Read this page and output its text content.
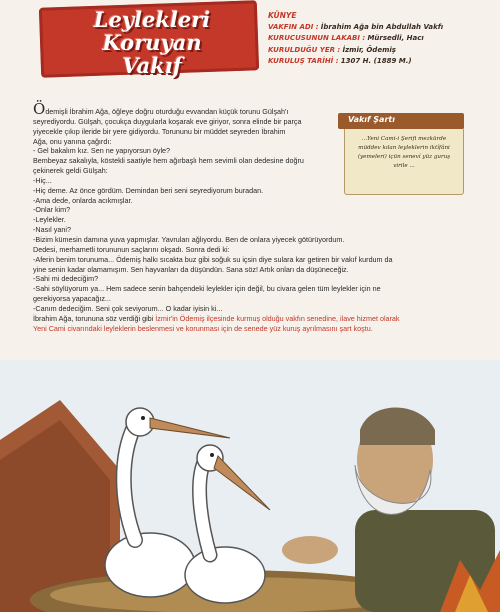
Leylekleri Koruyan
Vakıf
KÜNYE
VAKFIN ADI : İbrahim Ağa bin Abdullah Vakfı
KURUCUSUNUN LAKABI : Mürsedli, Hacı
KURULDUĞU YER : İzmir, Ödemiş
KURULUŞ TARİHİ : 1307 H. (1889 M.)
Vakıf Şartı
...Yeni Cami-i Şerifi mezkürde müddev kılan leyleklerin iktîfâni (yemeleri) içün seneví yüz guruş virile ...

Ödemişli İbrahim Ağa, öğleye doğru oturduğu evvandan küçük torunu Gülşah'ı

seyrediyordu. Gülşah, çocukça duygularla koşarak eve giriyor, sonra elinde bir parça

yiyecekle çıkıp ileride bir yere gidiyordu. Torununu bir müddet seyreden İbrahim

Ağa, onu yanına çağırdı:

- Gel bakalım kız. Sen ne yapıyorsun öyle?

Bembeyaz sakalıyla, köstekli saatiyle hem ağırbaşlı hem sevimli olan dedesine doğru

çekinerek geldi Gülşah:

-Hiç...

-Hiç deme. Az önce gördüm. Demindan beri seni seyrediyorum buradan.

-Ama dede, onlarda acıkmışlar.

-Onlar kim?

-Leylekler.

-Nasıl yani?

-Bizim kümesin damına yuva yapmışlar. Yavruları ağlıyordu. Ben de onlara yiyecek götürüyordum.

Dedesi, merhametli torununun saçlarını okşadı. Sonra dedi ki:

-Aferin benim torunuma... Ödemiş halkı sıcakta buz gibi soğuk su içsin diye sulara kar getiren bir vakıf kurdum da

yine senin kadar olamamışım. Sen hayvanları da düşündün. Sana söz! Artık onları da düşüneceğiz.

-Sahi mi dedeciğim?

-Sahi söylüyorum ya... Hem sadece senin bahçendeki leylekler için değil, bu civara gelen tüm leylekler için ne

gerekiyorsa yapacağız...

-Canım dedeciğim. Seni çok seviyorum... O kadar iyisin ki...

İbrahim Ağa, torununa söz verdiği gibi İzmir'in Ödemiş ilçesinde kurmuş olduğu vakfın senedine, ilave hizmet olarak

Yeni Cami civarındaki leyleklerin beslenmesi ve korunması için de senede yüz kuruş ayrılmasını şart koştu.
